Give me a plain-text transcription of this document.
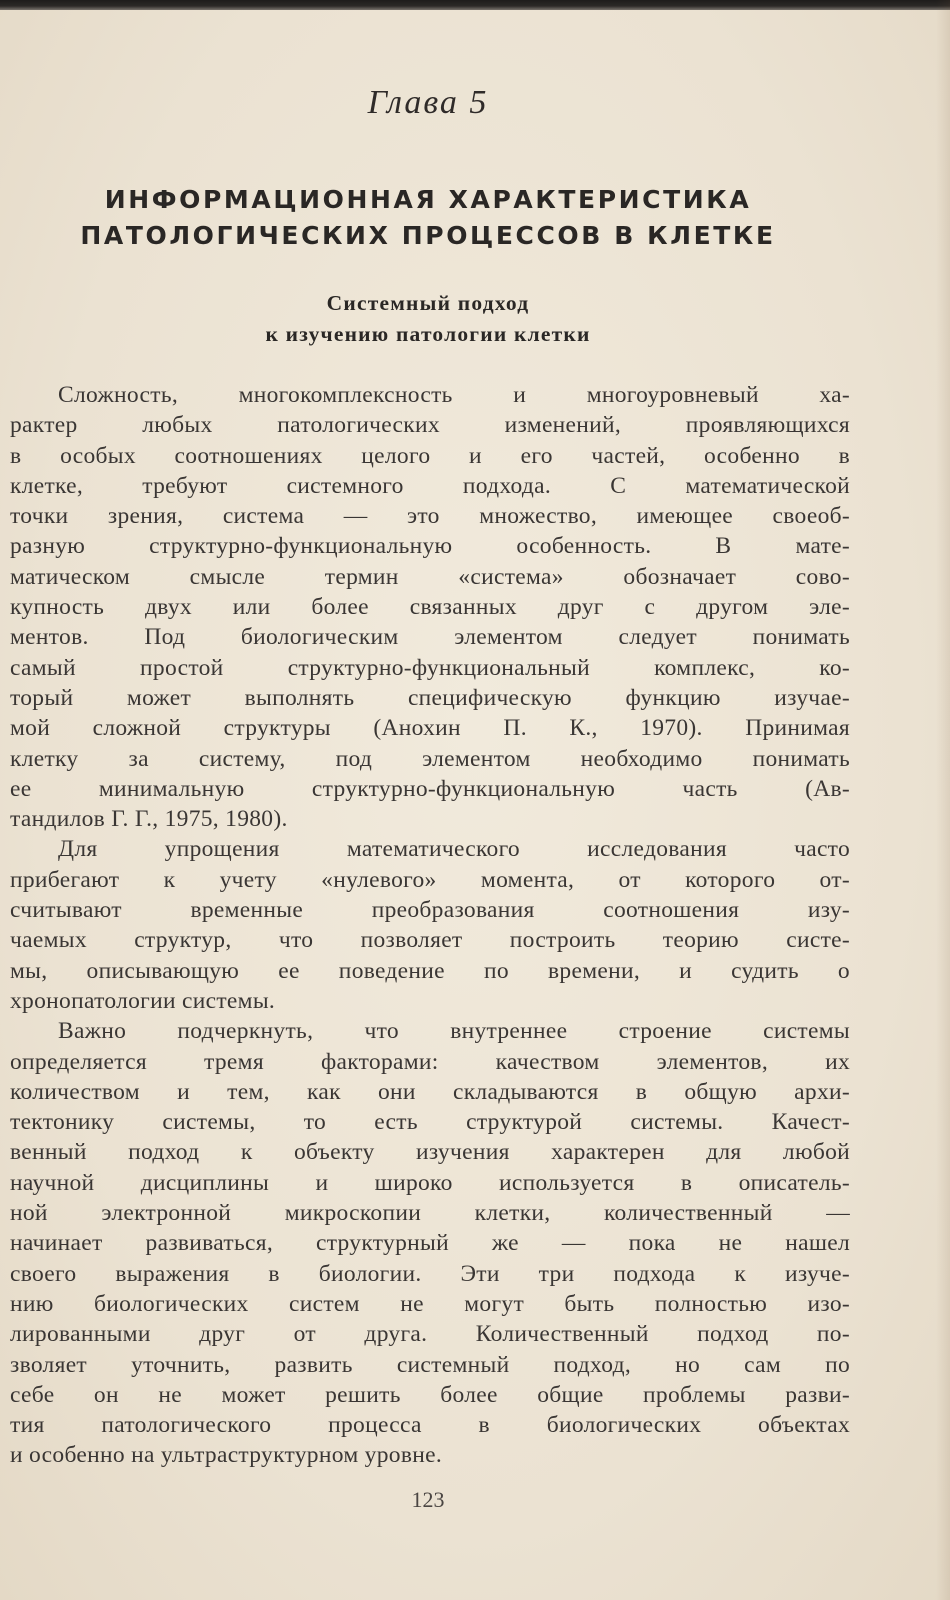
Глава 5
ИНФОРМАЦИОННАЯ ХАРАКТЕРИСТИКА
ПАТОЛОГИЧЕСКИХ ПРОЦЕССОВ В КЛЕТКЕ
Системный подход
к изучению патологии клетки
Сложность, многокомплексность и многоуровневый ха-
рактер любых патологических изменений, проявляющихся
в особых соотношениях целого и его частей, особенно в
клетке, требуют системного подхода. С математической
точки зрения, система — это множество, имеющее своеоб-
разную структурно-функциональную особенность. В мате-
матическом смысле термин «система» обозначает сово-
купность двух или более связанных друг с другом эле-
ментов. Под биологическим элементом следует понимать
самый простой структурно-функциональный комплекс, ко-
торый может выполнять специфическую функцию изучае-
мой сложной структуры (Анохин П. К., 1970). Принимая
клетку за систему, под элементом необходимо понимать
ее минимальную структурно-функциональную часть (Ав-
тандилов Г. Г., 1975, 1980).
Для упрощения математического исследования часто
прибегают к учету «нулевого» момента, от которого от-
считывают временные преобразования соотношения изу-
чаемых структур, что позволяет построить теорию систе-
мы, описывающую ее поведение по времени, и судить о
хронопатологии системы.
Важно подчеркнуть, что внутреннее строение системы
определяется тремя факторами: качеством элементов, их
количеством и тем, как они складываются в общую архи-
тектонику системы, то есть структурой системы. Качест-
венный подход к объекту изучения характерен для любой
научной дисциплины и широко используется в описатель-
ной электронной микроскопии клетки, количественный —
начинает развиваться, структурный же — пока не нашел
своего выражения в биологии. Эти три подхода к изуче-
нию биологических систем не могут быть полностью изо-
лированными друг от друга. Количественный подход по-
зволяет уточнить, развить системный подход, но сам по
себе он не может решить более общие проблемы разви-
тия патологического процесса в биологических объектах
и особенно на ультраструктурном уровне.
123
